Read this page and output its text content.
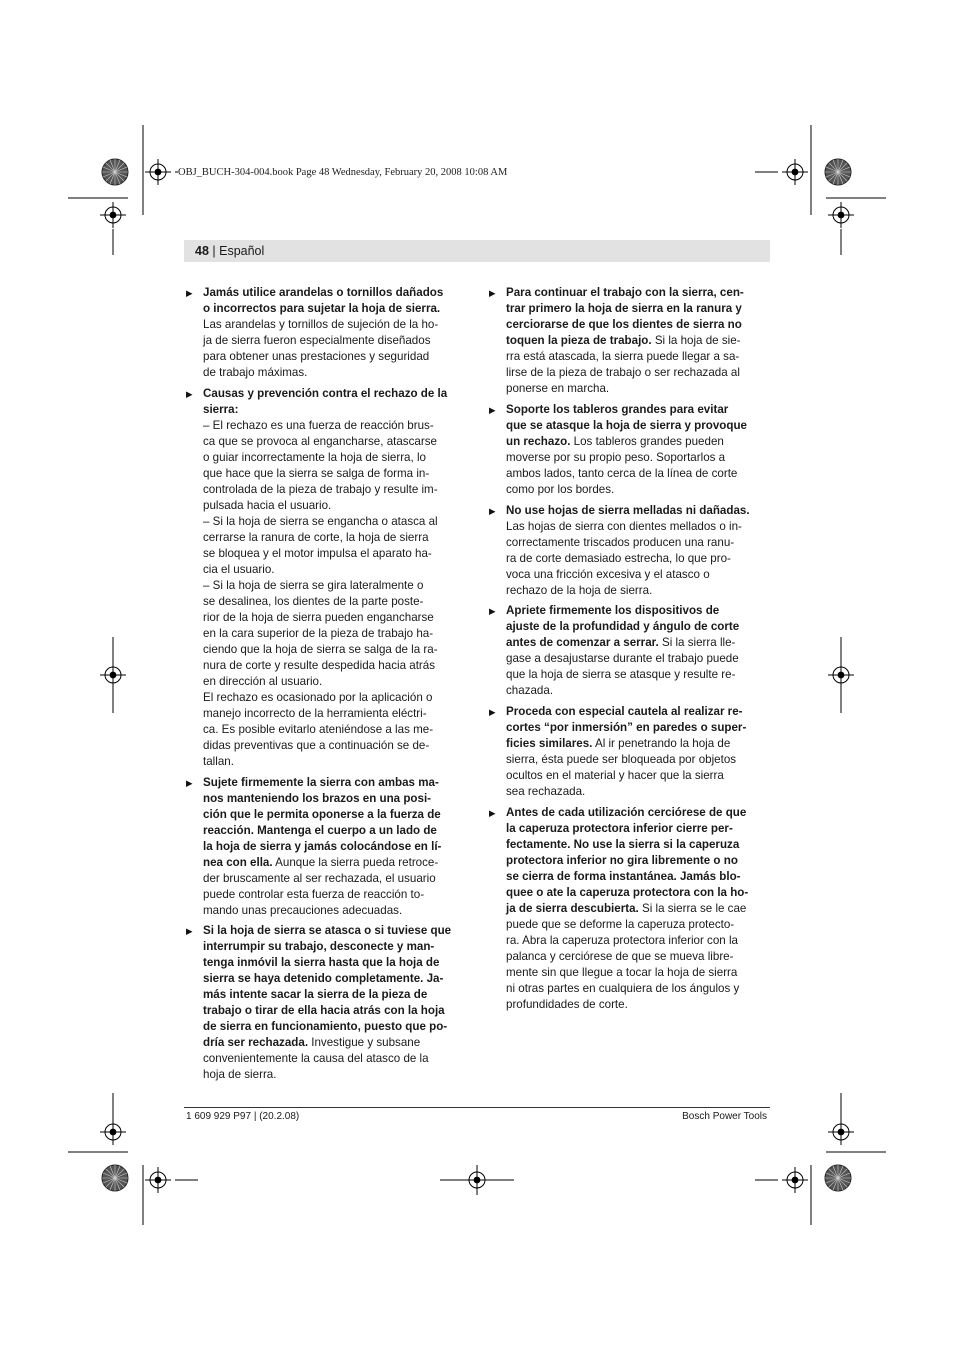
OBJ_BUCH-304-004.book Page 48 Wednesday, February 20, 2008 10:08 AM
48 | Español
▶ Jamás utilice arandelas o tornillos dañados
o incorrectos para sujetar la hoja de sierra.
Las arandelas y tornillos de sujeción de la ho-
ja de sierra fueron especialmente diseñados
para obtener unas prestaciones y seguridad
de trabajo máximas.
▶ Causas y prevención contra el rechazo de la
sierra:
– El rechazo es una fuerza de reacción brus-
ca que se provoca al engancharse, atascarse
o guiar incorrectamente la hoja de sierra, lo
que hace que la sierra se salga de forma in-
controlada de la pieza de trabajo y resulte im-
pulsada hacia el usuario.
– Si la hoja de sierra se engancha o atasca al
cerrarse la ranura de corte, la hoja de sierra
se bloquea y el motor impulsa el aparato ha-
cia el usuario.
– Si la hoja de sierra se gira lateralmente o
se desalinea, los dientes de la parte poste-
rior de la hoja de sierra pueden engancharse
en la cara superior de la pieza de trabajo ha-
ciendo que la hoja de sierra se salga de la ra-
nura de corte y resulte despedida hacia atrás
en dirección al usuario.
El rechazo es ocasionado por la aplicación o
manejo incorrecto de la herramienta eléctri-
ca. Es posible evitarlo ateniéndose a las me-
didas preventivas que a continuación se de-
tallan.
▶ Sujete firmemente la sierra con ambas ma-
nos manteniendo los brazos en una posi-
ción que le permita oponerse a la fuerza de
reacción. Mantenga el cuerpo a un lado de
la hoja de sierra y jamás colocándose en lí-
nea con ella. Aunque la sierra pueda retroce-
der bruscamente al ser rechazada, el usuario
puede controlar esta fuerza de reacción to-
mando unas precauciones adecuadas.
▶ Si la hoja de sierra se atasca o si tuviese que
interrumpir su trabajo, desconecte y man-
tenga inmóvil la sierra hasta que la hoja de
sierra se haya detenido completamente. Ja-
más intente sacar la sierra de la pieza de
trabajo o tirar de ella hacia atrás con la hoja
de sierra en funcionamiento, puesto que po-
dría ser rechazada. Investigue y subsane
convenientemente la causa del atasco de la
hoja de sierra.
▶ Para continuar el trabajo con la sierra, cen-
trar primero la hoja de sierra en la ranura y
cerciorarse de que los dientes de sierra no
toquen la pieza de trabajo. Si la hoja de sie-
rra está atascada, la sierra puede llegar a sa-
lirse de la pieza de trabajo o ser rechazada al
ponerse en marcha.
▶ Soporte los tableros grandes para evitar
que se atasque la hoja de sierra y provoque
un rechazo. Los tableros grandes pueden
moverse por su propio peso. Soportarlos a
ambos lados, tanto cerca de la línea de corte
como por los bordes.
▶ No use hojas de sierra melladas ni dañadas.
Las hojas de sierra con dientes mellados o in-
correctamente triscados producen una ranu-
ra de corte demasiado estrecha, lo que pro-
voca una fricción excesiva y el atasco o
rechazo de la hoja de sierra.
▶ Apriete firmemente los dispositivos de
ajuste de la profundidad y ángulo de corte
antes de comenzar a serrar. Si la sierra lle-
gase a desajustarse durante el trabajo puede
que la hoja de sierra se atasque y resulte re-
chazada.
▶ Proceda con especial cautela al realizar re-
cortes “por inmersión” en paredes o super-
ficies similares. Al ir penetrando la hoja de
sierra, ésta puede ser bloqueada por objetos
ocultos en el material y hacer que la sierra
sea rechazada.
▶ Antes de cada utilización cerciórese de que
la caperuza protectora inferior cierre per-
fectamente. No use la sierra si la caperuza
protectora inferior no gira libremente o no
se cierra de forma instantánea. Jamás blo-
quee o ate la caperuza protectora con la ho-
ja de sierra descubierta. Si la sierra se le cae
puede que se deforme la caperuza protecto-
ra. Abra la caperuza protectora inferior con la
palanca y cerciórese de que se mueva libre-
mente sin que llegue a tocar la hoja de sierra
ni otras partes en cualquiera de los ángulos y
profundidades de corte.
1 609 929 P97 | (20.2.08)	Bosch Power Tools
